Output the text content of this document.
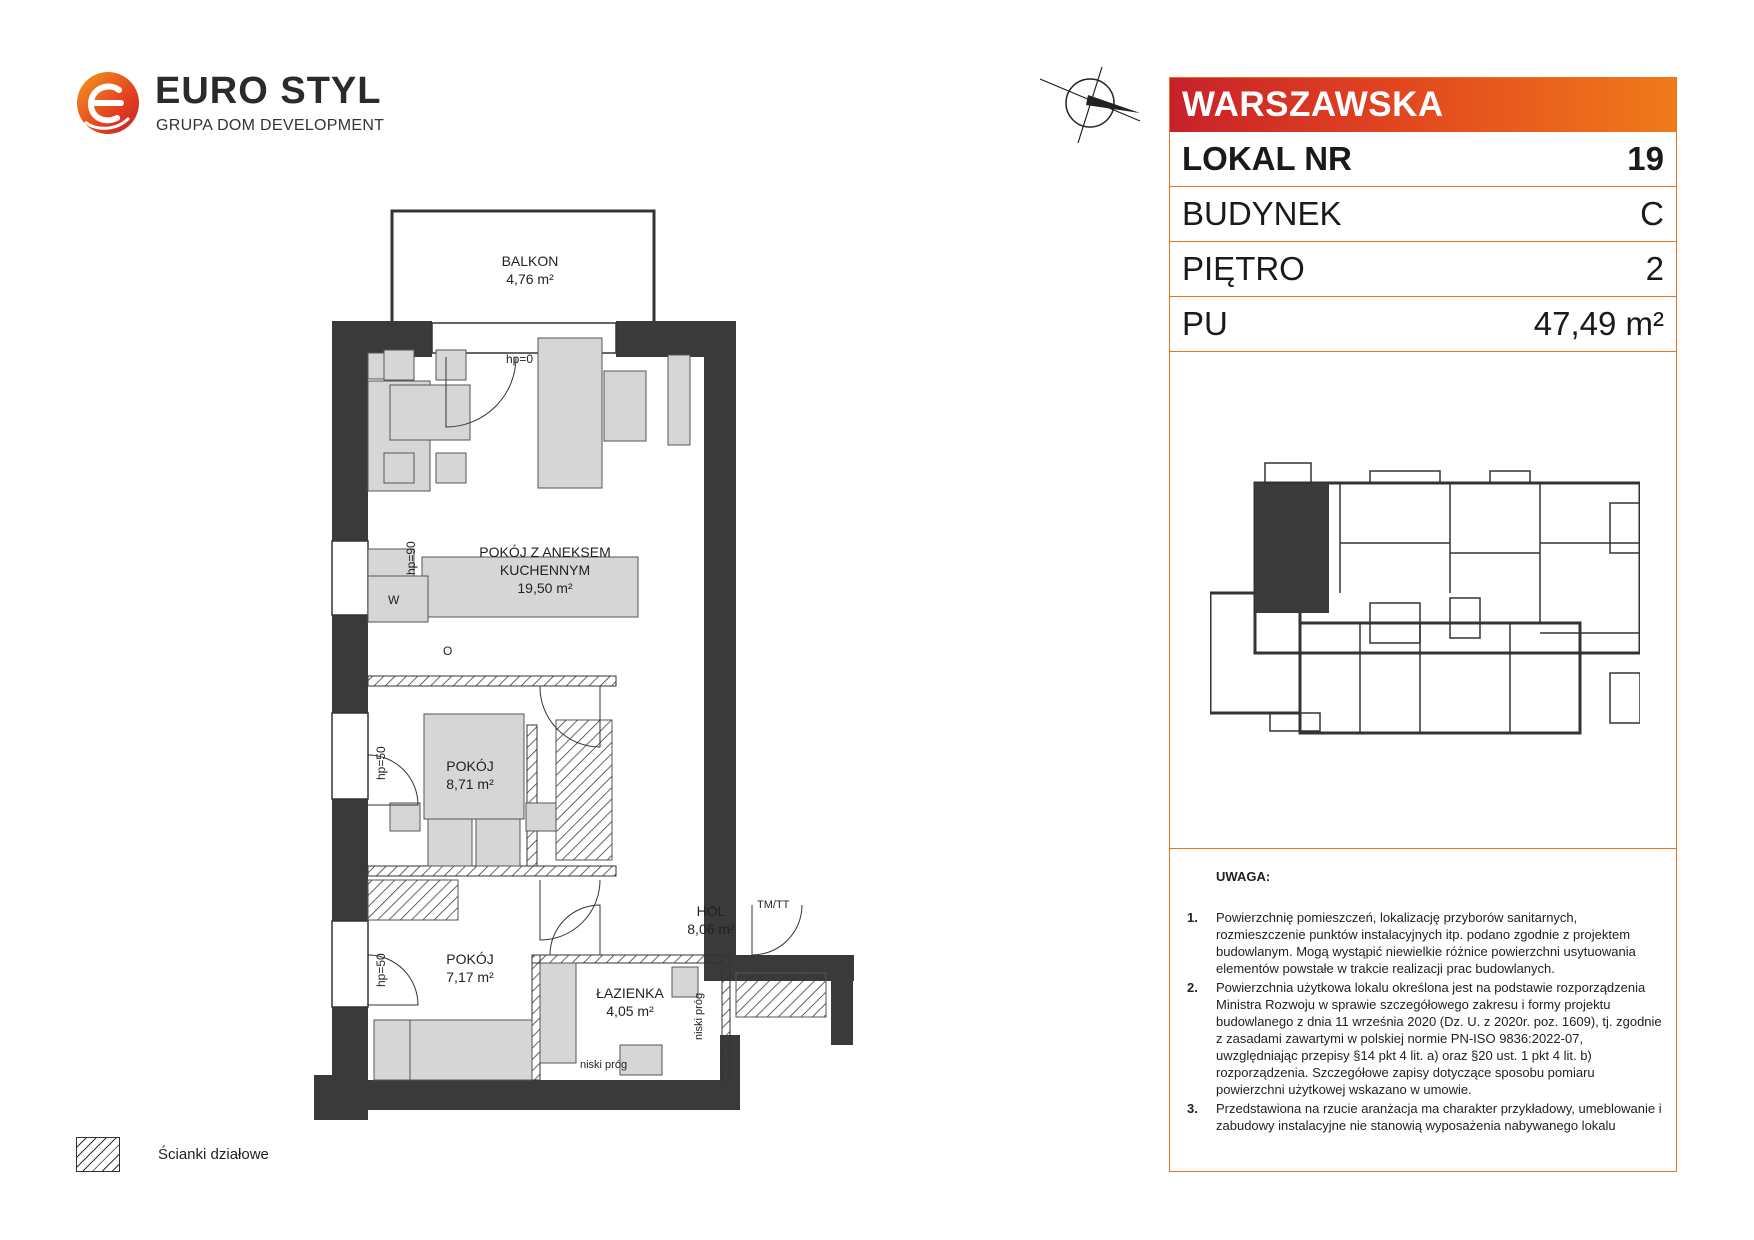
EURO STYL
GRUPA DOM DEVELOPMENT
BALKON
4,76 m²
POKÓJ Z ANEKSEM
KUCHENNYM
19,50 m²
POKÓJ
8,71 m²
POKÓJ
7,17 m²
HOL
8,06 m²
ŁAZIENKA
4,05 m²
hp=0
hp=90
hp=50
hp=50
TM/TT
W
O
niski próg
niski próg
Ścianki działowe
WARSZAWSKA
LOKAL NR	19
BUDYNEK	C
PIĘTRO	2
PU	47,49 m²
UWAGA:
1. Powierzchnię pomieszczeń, lokalizację przyborów sanitarnych, rozmieszczenie punktów instalacyjnych itp. podano zgodnie z projektem budowlanym. Mogą wystąpić niewielkie różnice powierzchni usytuowania elementów powstałe w trakcie realizacji prac budowlanych.
2. Powierzchnia użytkowa lokalu określona jest na podstawie rozporządzenia Ministra Rozwoju w sprawie szczegółowego zakresu i formy projektu budowlanego z dnia 11 września 2020 (Dz. U. z 2020r. poz. 1609), tj. zgodnie z zasadami zawartymi w polskiej normie PN-ISO 9836:2022-07, uwzględniając przepisy §14 pkt 4 lit. a) oraz §20 ust. 1 pkt 4 lit. b) rozporządzenia. Szczegółowe zapisy dotyczące sposobu pomiaru powierzchni użytkowej wskazano w umowie.
3. Przedstawiona na rzucie aranżacja ma charakter przykładowy, umeblowanie i zabudowy instalacyjne nie stanowią wyposażenia nabywanego lokalu
